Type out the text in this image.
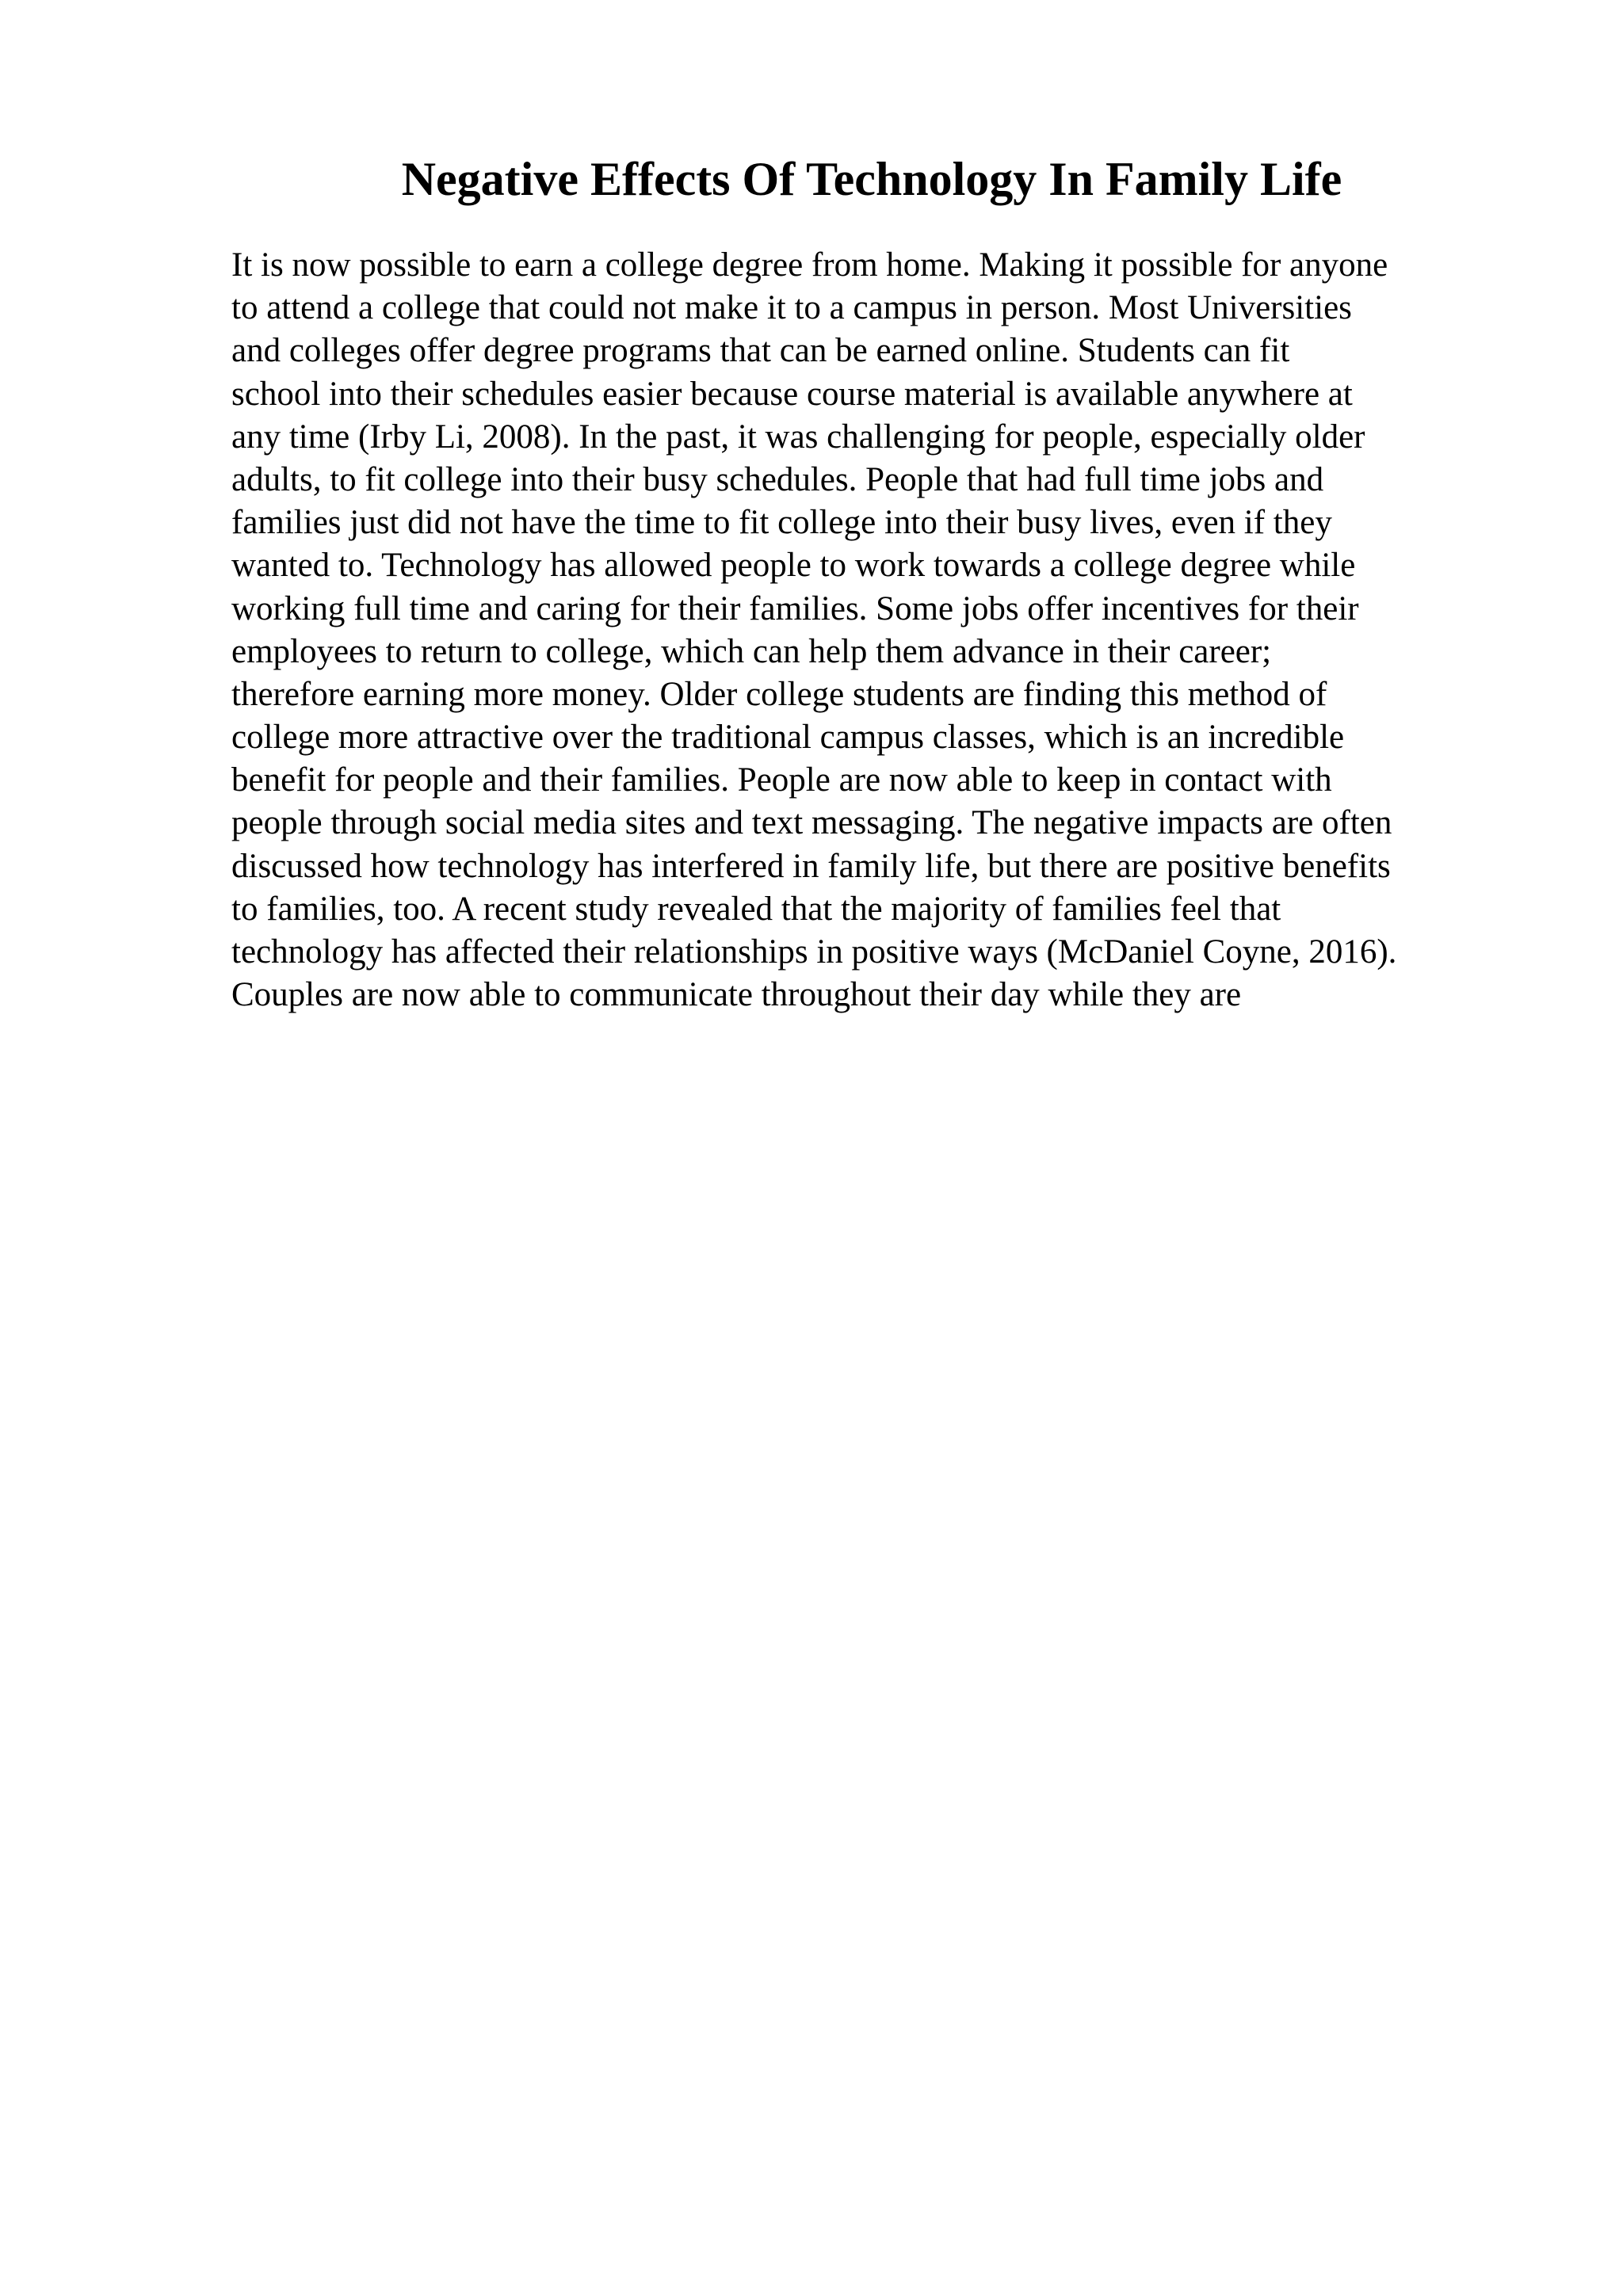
Negative Effects Of Technology In Family Life
It is now possible to earn a college degree from home. Making it possible for anyone
to attend a college that could not make it to a campus in person. Most Universities
and colleges offer degree programs that can be earned online. Students can fit
school into their schedules easier because course material is available anywhere at
any time (Irby Li, 2008). In the past, it was challenging for people, especially older
adults, to fit college into their busy schedules. People that had full time jobs and
families just did not have the time to fit college into their busy lives, even if they
wanted to. Technology has allowed people to work towards a college degree while
working full time and caring for their families. Some jobs offer incentives for their
employees to return to college, which can help them advance in their career;
therefore earning more money. Older college students are finding this method of
college more attractive over the traditional campus classes, which is an incredible
benefit for people and their families. People are now able to keep in contact with
people through social media sites and text messaging. The negative impacts are often
discussed how technology has interfered in family life, but there are positive benefits
to families, too. A recent study revealed that the majority of families feel that
technology has affected their relationships in positive ways (McDaniel Coyne, 2016).
Couples are now able to communicate throughout their day while they are
